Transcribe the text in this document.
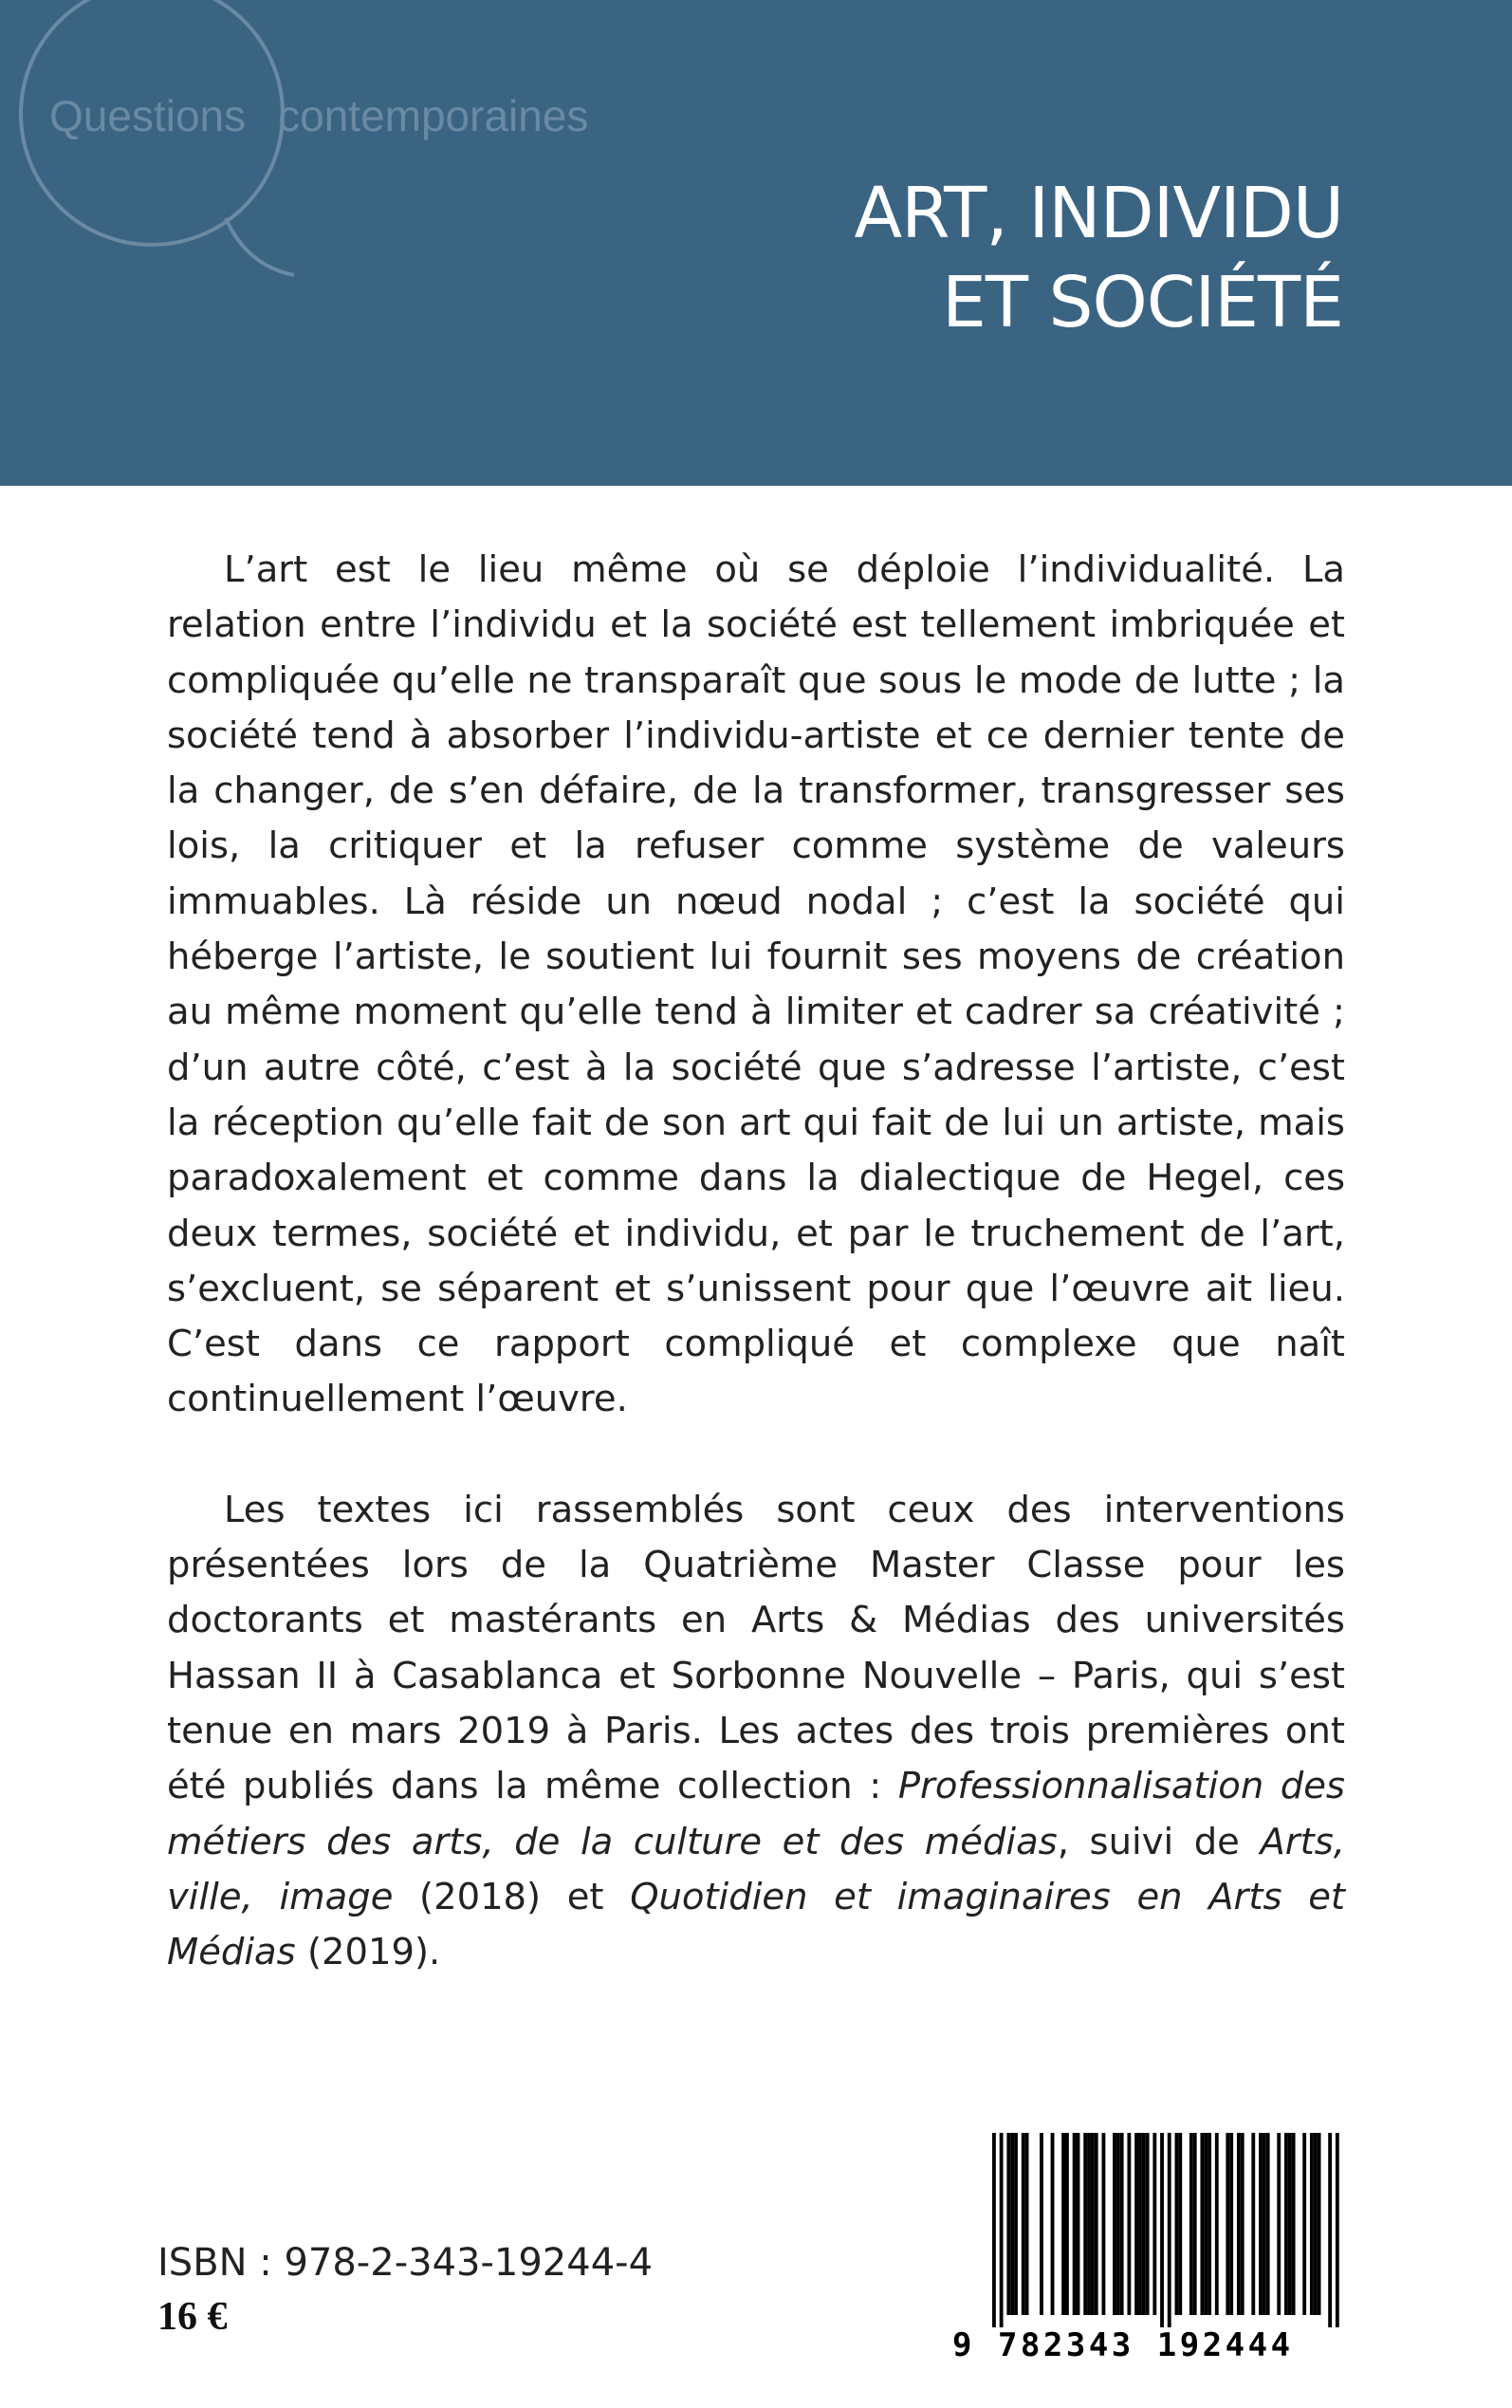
Questions contemporaines
ART, INDIVIDU
ET SOCIÉTÉ

L’art est le lieu même où se déploie l’individualité. La relation entre l’individu et la société est tellement imbriquée et compliquée qu’elle ne transparaît que sous le mode de lutte ; la société tend à absorber l’individu-artiste et ce dernier tente de la changer, de s’en défaire, de la transformer, transgresser ses lois, la critiquer et la refuser comme système de valeurs immuables. Là réside un nœud nodal ; c’est la société qui héberge l’artiste, le soutient lui fournit ses moyens de création au même moment qu’elle tend à limiter et cadrer sa créativité ; d’un autre côté, c’est à la société que s’adresse l’artiste, c’est la réception qu’elle fait de son art qui fait de lui un artiste, mais paradoxalement et comme dans la dialectique de Hegel, ces deux termes, société et individu, et par le truchement de l’art, s’excluent, se séparent et s’unissent pour que l’œuvre ait lieu. C’est dans ce rapport compliqué et complexe que naît continuellement l’œuvre.

Les textes ici rassemblés sont ceux des interventions présentées lors de la Quatrième Master Classe pour les doctorants et mastérants en Arts & Médias des universités Hassan II à Casablanca et Sorbonne Nouvelle – Paris, qui s’est tenue en mars 2019 à Paris. Les actes des trois premières ont été publiés dans la même collection : Professionnalisation des métiers des arts, de la culture et des médias, suivi de Arts, ville, image (2018) et Quotidien et imaginaires en Arts et Médias (2019).

ISBN : 978-2-343-19244-4
16 €
9 782343 192444
